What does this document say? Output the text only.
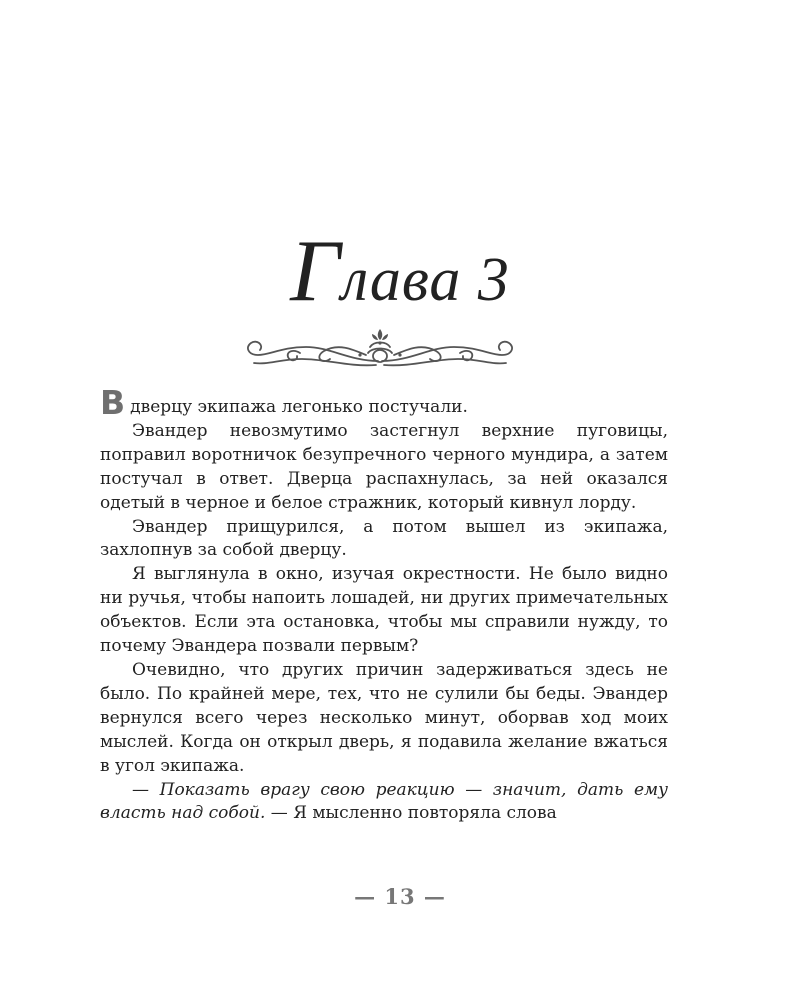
Глава 3

Вдверцу экипажа легонько постучали.

Эвандер невозмутимо застегнул верхние пуговицы, поправил воротничок безупречного черного мундира, а затем постучал в ответ. Дверца распахнулась, за ней оказался одетый в черное и белое стражник, который кивнул лорду.

Эвандер прищурился, а потом вышел из экипажа, захлопнув за собой дверцу.

Я выглянула в окно, изучая окрестности. Не было видно ни ручья, чтобы напоить лошадей, ни других примечательных объектов. Если эта остановка, чтобы мы справили нужду, то почему Эвандера позвали первым?

Очевидно, что других причин задерживаться здесь не было. По крайней мере, тех, что не сулили бы беды. Эвандер вернулся всего через несколько минут, оборвав ход моих мыслей. Когда он открыл дверь, я подавила желание вжаться в угол экипажа.

— Показать врагу свою реакцию — значит, дать ему власть над собой. — Я мысленно повторяла слова

— 13 —
